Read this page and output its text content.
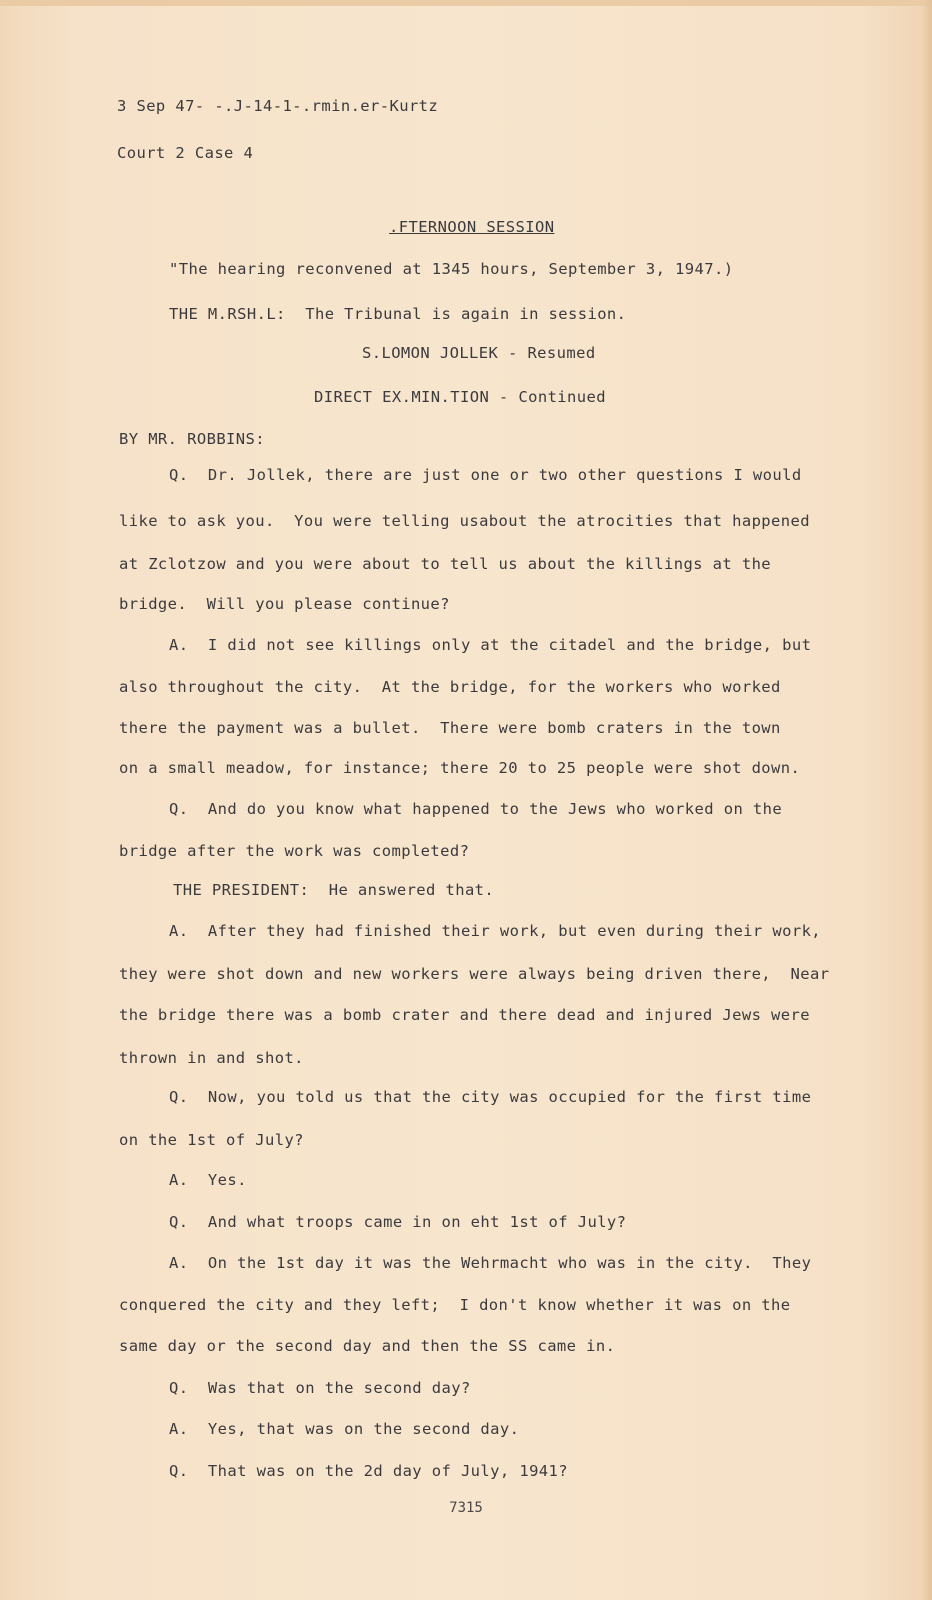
3 Sep 47- -.J-14-1-.rmin.er-Kurtz
Court 2 Case 4
.FTERNOON SESSION
"The hearing reconvened at 1345 hours, September 3, 1947.)
THE M.RSH.L:  The Tribunal is again in session.
S.LOMON JOLLEK - Resumed
DIRECT EX.MIN.TION - Continued
BY MR. ROBBINS:
Q.  Dr. Jollek, there are just one or two other questions I would
like to ask you.  You were telling usabout the atrocities that happened
at Zclotzow and you were about to tell us about the killings at the
bridge.  Will you please continue?
A.  I did not see killings only at the citadel and the bridge, but
also throughout the city.  At the bridge, for the workers who worked
there the payment was a bullet.  There were bomb craters in the town
on a small meadow, for instance; there 20 to 25 people were shot down.
Q.  And do you know what happened to the Jews who worked on the
bridge after the work was completed?
THE PRESIDENT:  He answered that.
A.  After they had finished their work, but even during their work,
they were shot down and new workers were always being driven there,  Near
the bridge there was a bomb crater and there dead and injured Jews were
thrown in and shot.
Q.  Now, you told us that the city was occupied for the first time
on the 1st of July?
A.  Yes.
Q.  And what troops came in on eht 1st of July?
A.  On the 1st day it was the Wehrmacht who was in the city.  They
conquered the city and they left;  I don't know whether it was on the
same day or the second day and then the SS came in.
Q.  Was that on the second day?
A.  Yes, that was on the second day.
Q.  That was on the 2d day of July, 1941?
7315
